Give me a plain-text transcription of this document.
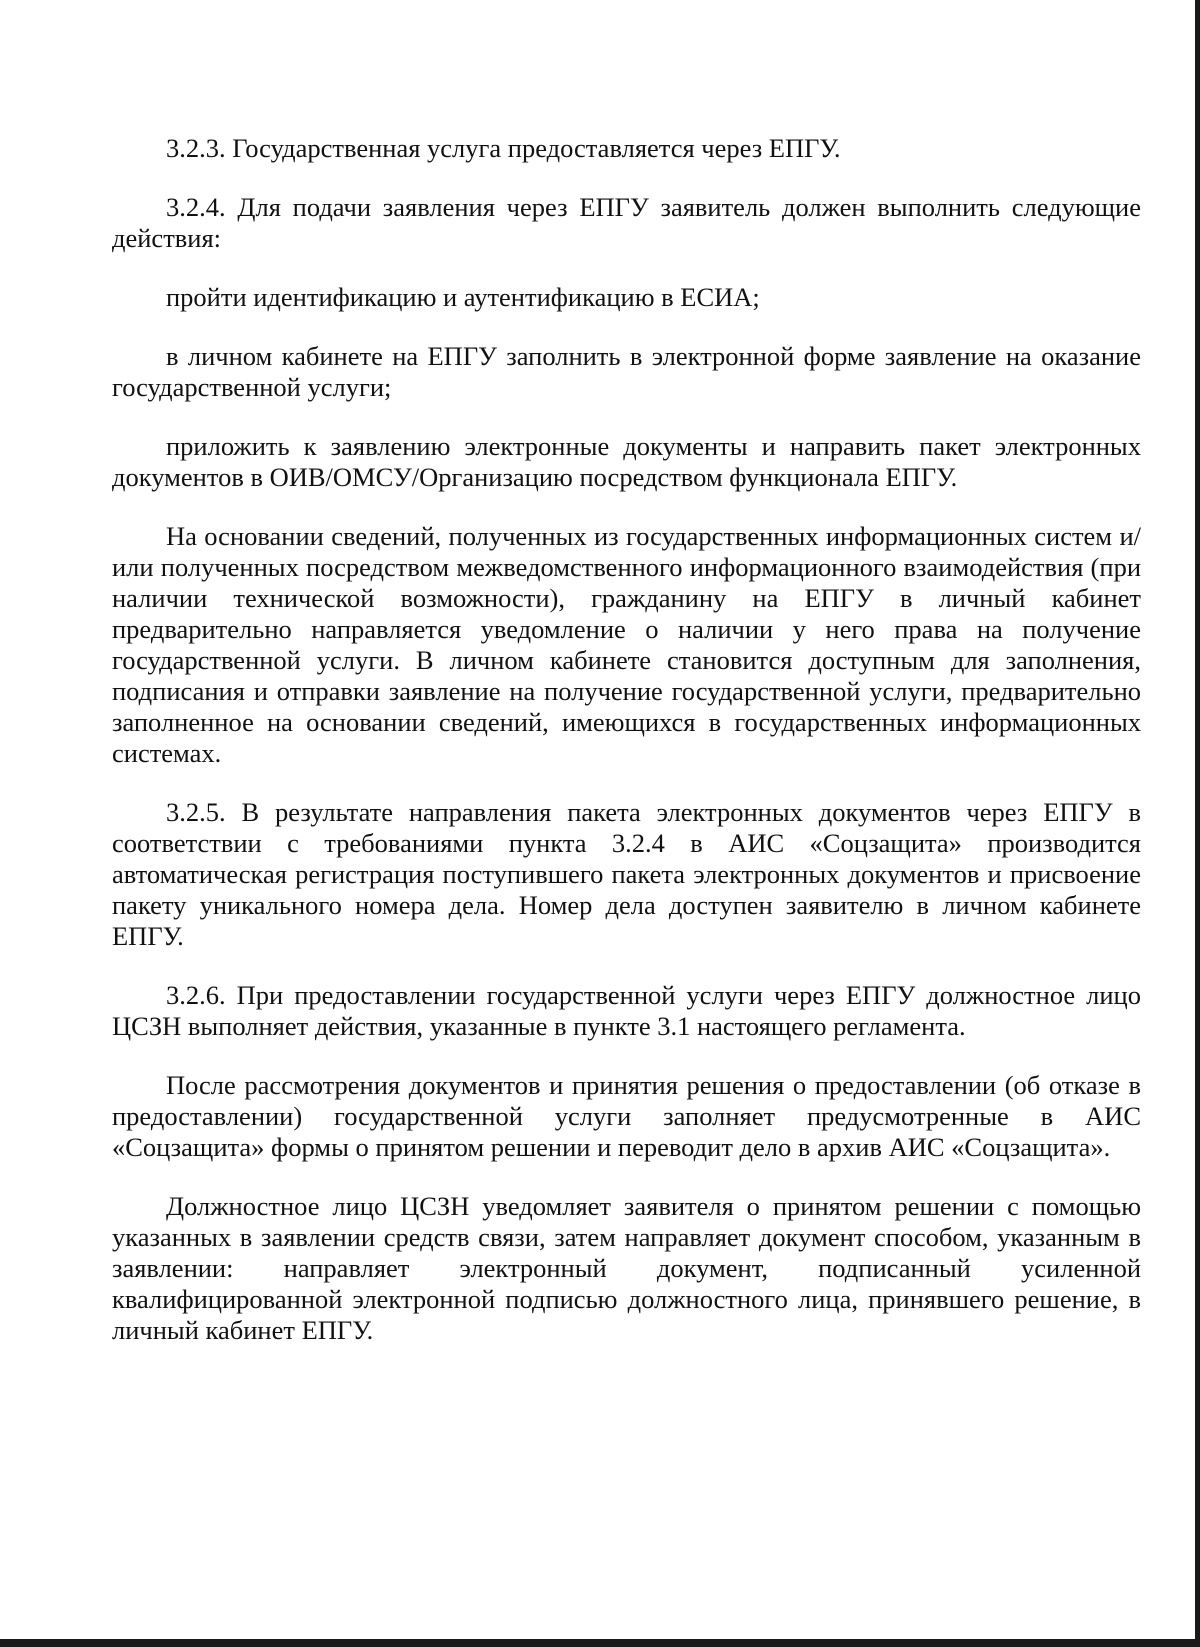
3.2.3. Государственная услуга предоставляется через ЕПГУ.

3.2.4. Для подачи заявления через ЕПГУ заявитель должен выполнить следующие действия:

пройти идентификацию и аутентификацию в ЕСИА;

в личном кабинете на ЕПГУ заполнить в электронной форме заявление на оказание государственной услуги;

приложить к заявлению электронные документы и направить пакет электронных документов в ОИВ/ОМСУ/Организацию посредством функционала ЕПГУ.

На основании сведений, полученных из государственных информационных систем и/или полученных посредством межведомственного информационного взаимодействия (при наличии технической возможности), гражданину на ЕПГУ в личный кабинет предварительно направляется уведомление о наличии у него права на получение государственной услуги. В личном кабинете становится доступным для заполнения, подписания и отправки заявление на получение государственной услуги, предварительно заполненное на основании сведений, имеющихся в государственных информационных системах.

3.2.5. В результате направления пакета электронных документов через ЕПГУ в соответствии с требованиями пункта 3.2.4 в АИС «Соцзащита» производится автоматическая регистрация поступившего пакета электронных документов и присвоение пакету уникального номера дела. Номер дела доступен заявителю в личном кабинете ЕПГУ.

3.2.6. При предоставлении государственной услуги через ЕПГУ должностное лицо ЦСЗН выполняет действия, указанные в пункте 3.1 настоящего регламента.

После рассмотрения документов и принятия решения о предоставлении (об отказе в предоставлении) государственной услуги заполняет предусмотренные в АИС «Соцзащита» формы о принятом решении и переводит дело в архив АИС «Соцзащита».

Должностное лицо ЦСЗН уведомляет заявителя о принятом решении с помощью указанных в заявлении средств связи, затем направляет документ способом, указанным в заявлении: направляет электронный документ, подписанный усиленной квалифицированной электронной подписью должностного лица, принявшего решение, в личный кабинет ЕПГУ.
